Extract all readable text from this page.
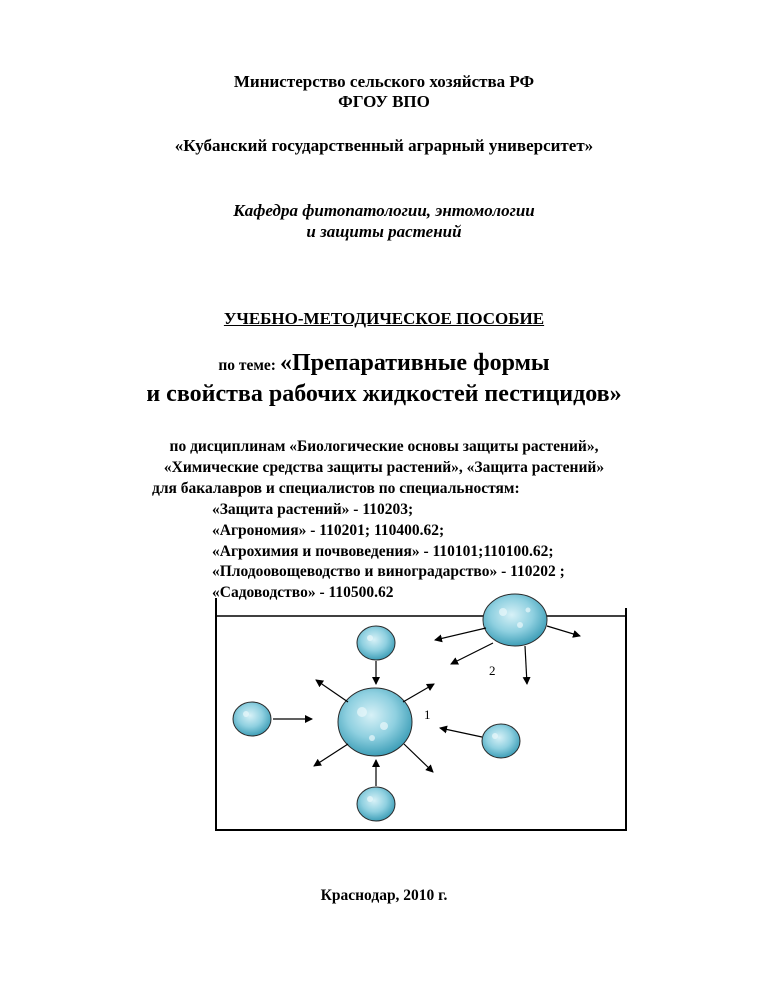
Министерство сельского хозяйства РФ
ФГОУ ВПО
«Кубанский государственный аграрный университет»
Кафедра фитопатологии, энтомологии
и защиты растений
УЧЕБНО-МЕТОДИЧЕСКОЕ ПОСОБИЕ
по теме: «Препаративные формы
и свойства рабочих жидкостей пестицидов»
по дисциплинам «Биологические основы защиты растений»,
«Химические средства защиты растений», «Защита растений»
для бакалавров и специалистов по специальностям:
«Защита растений» - 110203;
«Агрономия» - 110201; 110400.62;
«Агрохимия и почвоведения» - 110101;110100.62;
«Плодоовощеводство и виноградарство» - 110202 ;
«Садоводство» - 110500.62
1
2
Краснодар, 2010 г.
